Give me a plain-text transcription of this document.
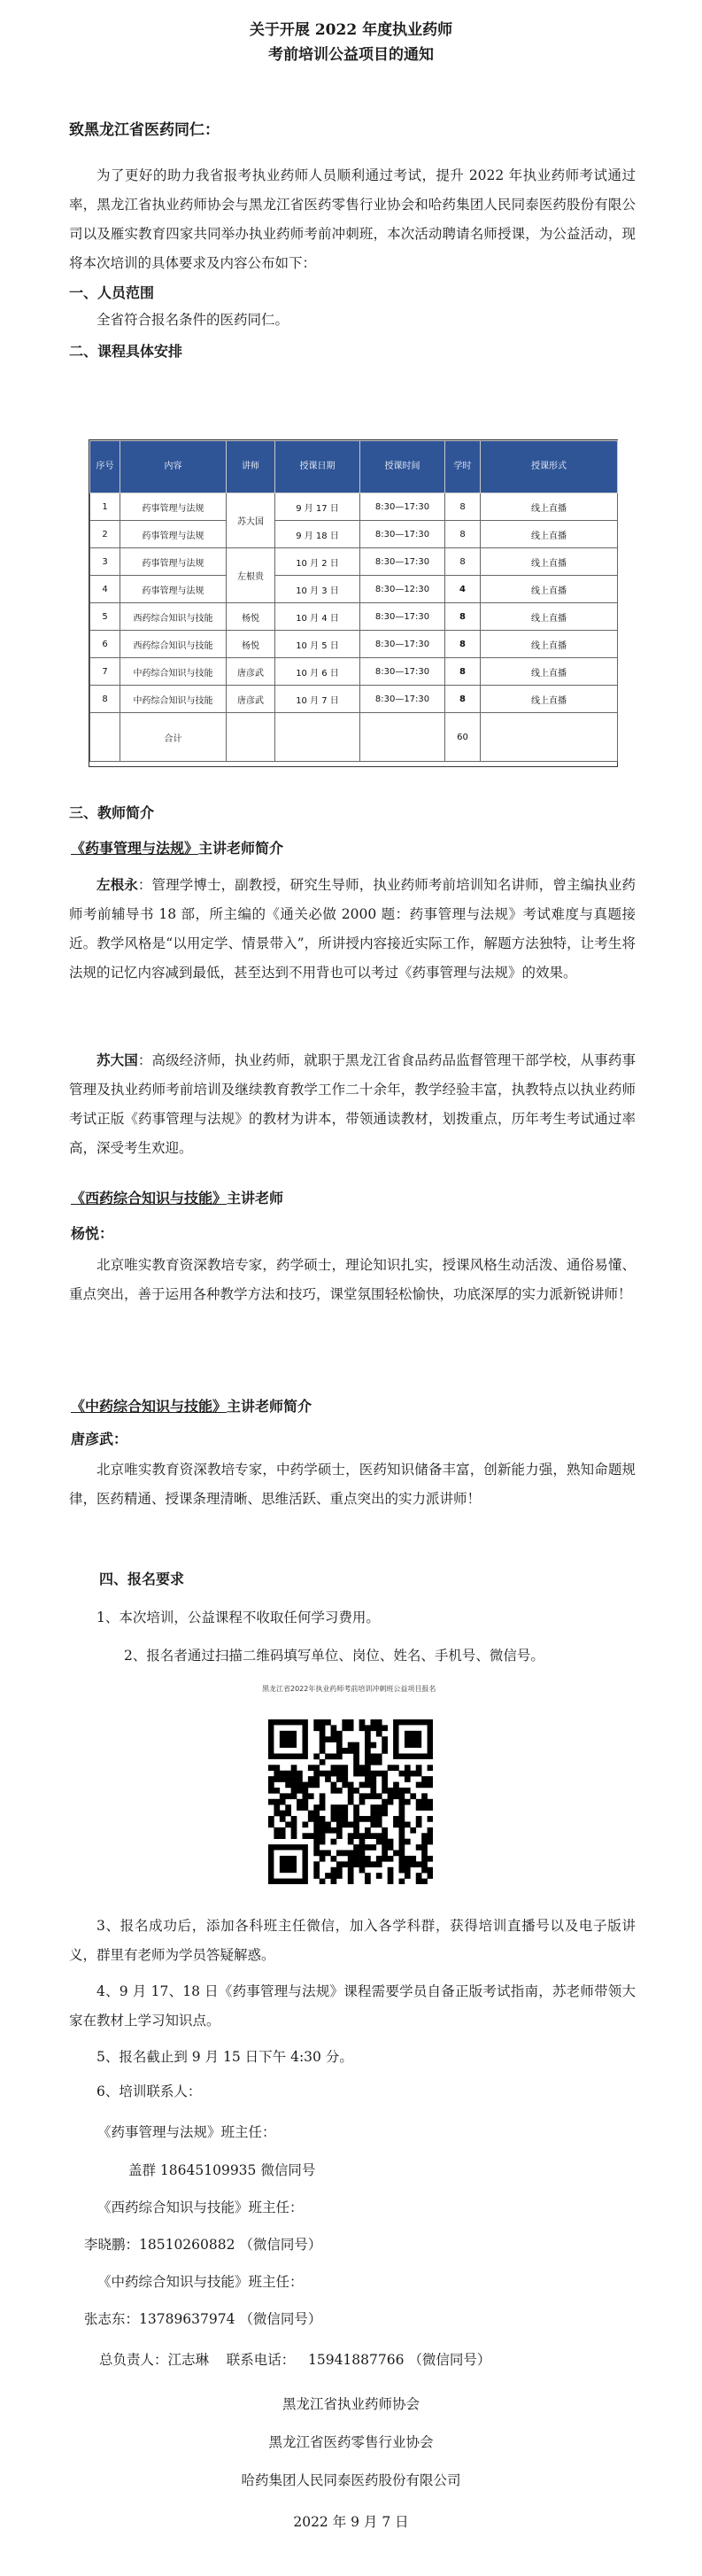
关于开展 2022 年度执业药师
考前培训公益项目的通知
致黑龙江省医药同仁：

为了更好的助力我省报考执业药师人员顺利通过考试，提升 2022 年执业药师考试通过率，黑龙江省执业药师协会与黑龙江省医药零售行业协会和哈药集团人民同泰医药股份有限公司以及雁实教育四家共同举办执业药师考前冲刺班，本次活动聘请名师授课，为公益活动，现将本次培训的具体要求及内容公布如下：

一、人员范围

全省符合报名条件的医药同仁。

二、课程具体安排
序号	内容	讲师	授课日期	授课时间	学时	授课形式
1	药事管理与法规	苏大国	9 月 17 日	8:30—17:30	8	线上直播
2	药事管理与法规		9 月 18 日	8:30—17:30	8	线上直播
3	药事管理与法规	左根贵	10 月 2 日	8:30—17:30	8	线上直播
4	药事管理与法规		10 月 3 日	8:30—12:30	4	线上直播
5	西药综合知识与技能	杨悦	10 月 4 日	8:30—17:30	8	线上直播
6	西药综合知识与技能	杨悦	10 月 5 日	8:30—17:30	8	线上直播
7	中药综合知识与技能	唐彦武	10 月 6 日	8:30—17:30	8	线上直播
8	中药综合知识与技能	唐彦武	10 月 7 日	8:30—17:30	8	线上直播
	合计				60	
三、教师简介
《药事管理与法规》主讲老师简介

左根永：管理学博士，副教授，研究生导师，执业药师考前培训知名讲师，曾主编执业药师考前辅导书 18 部，所主编的《通关必做 2000 题：药事管理与法规》考试难度与真题接近。教学风格是“以用定学、情景带入”，所讲授内容接近实际工作，解题方法独特，让考生将法规的记忆内容减到最低，甚至达到不用背也可以考过《药事管理与法规》的效果。

苏大国：高级经济师，执业药师，就职于黑龙江省食品药品监督管理干部学校，从事药事管理及执业药师考前培训及继续教育教学工作二十余年，教学经验丰富，执教特点以执业药师考试正版《药事管理与法规》的教材为讲本，带领通读教材，划拨重点，历年考生考试通过率高，深受考生欢迎。

《西药综合知识与技能》主讲老师
杨悦：

北京唯实教育资深教培专家，药学硕士，理论知识扎实，授课风格生动活泼、通俗易懂、重点突出，善于运用各种教学方法和技巧，课堂氛围轻松愉快，功底深厚的实力派新锐讲师！

《中药综合知识与技能》主讲老师简介
唐彦武：

北京唯实教育资深教培专家，中药学硕士，医药知识储备丰富，创新能力强，熟知命题规律，医药精通、授课条理清晰、思维活跃、重点突出的实力派讲师！

四、报名要求

1、本次培训，公益课程不收取任何学习费用。

2、报名者通过扫描二维码填写单位、岗位、姓名、手机号、微信号。

黑龙江省2022年执业药师考前培训冲刺班公益项目报名

3、报名成功后，添加各科班主任微信，加入各学科群，获得培训直播号以及电子版讲义，群里有老师为学员答疑解惑。

4、9 月 17、18 日《药事管理与法规》课程需要学员自备正版考试指南，苏老师带领大家在教材上学习知识点。

5、报名截止到 9 月 15 日下午 4:30 分。

6、培训联系人：

《药事管理与法规》班主任：
盖群 18645109935 微信同号
《西药综合知识与技能》班主任：
李晓鹏：18510260882 （微信同号）
《中药综合知识与技能》班主任：
张志东：13789637974 （微信同号）
总负责人：江志琳    联系电话：   15941887766 （微信同号）
黑龙江省执业药师协会
黑龙江省医药零售行业协会
哈药集团人民同泰医药股份有限公司
2022 年 9 月 7 日
